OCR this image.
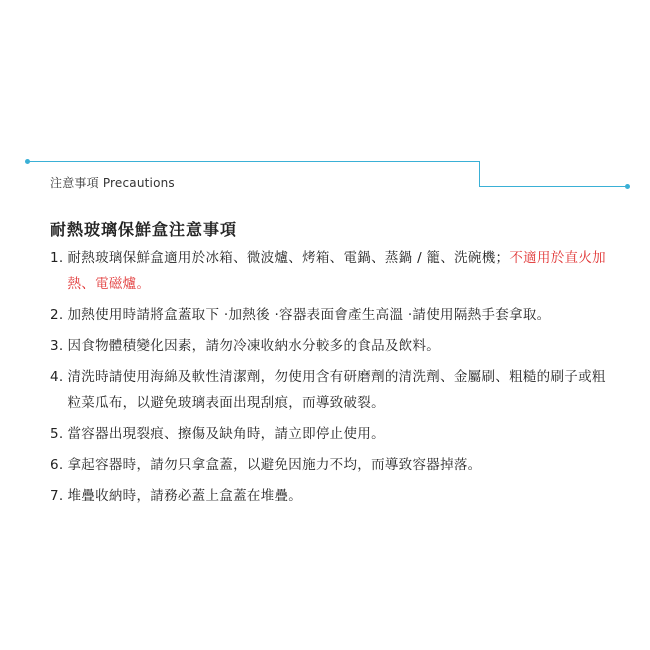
注意事項 Precautions
耐熱玻璃保鮮盒注意事項
1. 耐熱玻璃保鮮盒適用於冰箱、微波爐、烤箱、電鍋、蒸鍋 / 籠、洗碗機；不適用於直火加熱、電磁爐。
2. 加熱使用時請將盒蓋取下 ‧加熱後 ‧容器表面會產生高溫 ‧請使用隔熱手套拿取。
3. 因食物體積變化因素，請勿冷凍收納水分較多的食品及飲料。
4. 清洗時請使用海綿及軟性清潔劑，勿使用含有研磨劑的清洗劑、金屬刷、粗糙的刷子或粗粒菜瓜布，以避免玻璃表面出現刮痕，而導致破裂。
5. 當容器出現裂痕、擦傷及缺角時，請立即停止使用。
6. 拿起容器時，請勿只拿盒蓋，以避免因施力不均，而導致容器掉落。
7. 堆疊收納時，請務必蓋上盒蓋在堆疊。
